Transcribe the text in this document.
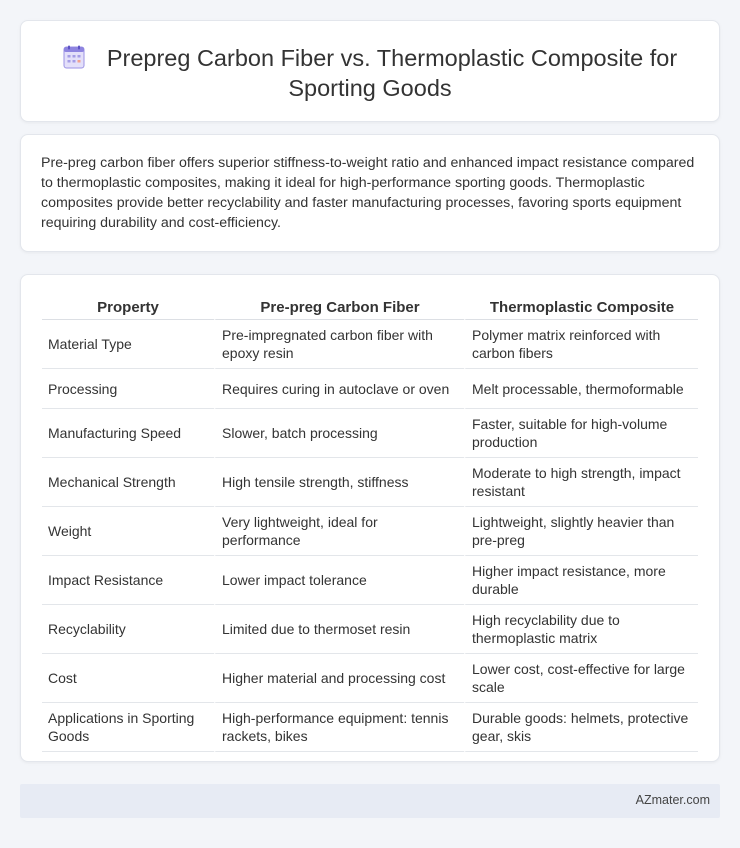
Prepreg Carbon Fiber vs. Thermoplastic Composite for Sporting Goods

Pre-preg carbon fiber offers superior stiffness-to-weight ratio and enhanced impact resistance compared to thermoplastic composites, making it ideal for high-performance sporting goods. Thermoplastic composites provide better recyclability and faster manufacturing processes, favoring sports equipment requiring durability and cost-efficiency.

Property	Pre-preg Carbon Fiber	Thermoplastic Composite
Material Type	Pre-impregnated carbon fiber with epoxy resin	Polymer matrix reinforced with carbon fibers
Processing	Requires curing in autoclave or oven	Melt processable, thermoformable
Manufacturing Speed	Slower, batch processing	Faster, suitable for high-volume production
Mechanical Strength	High tensile strength, stiffness	Moderate to high strength, impact resistant
Weight	Very lightweight, ideal for performance	Lightweight, slightly heavier than pre-preg
Impact Resistance	Lower impact tolerance	Higher impact resistance, more durable
Recyclability	Limited due to thermoset resin	High recyclability due to thermoplastic matrix
Cost	Higher material and processing cost	Lower cost, cost-effective for large scale
Applications in Sporting Goods	High-performance equipment: tennis rackets, bikes	Durable goods: helmets, protective gear, skis
AZmater.com
